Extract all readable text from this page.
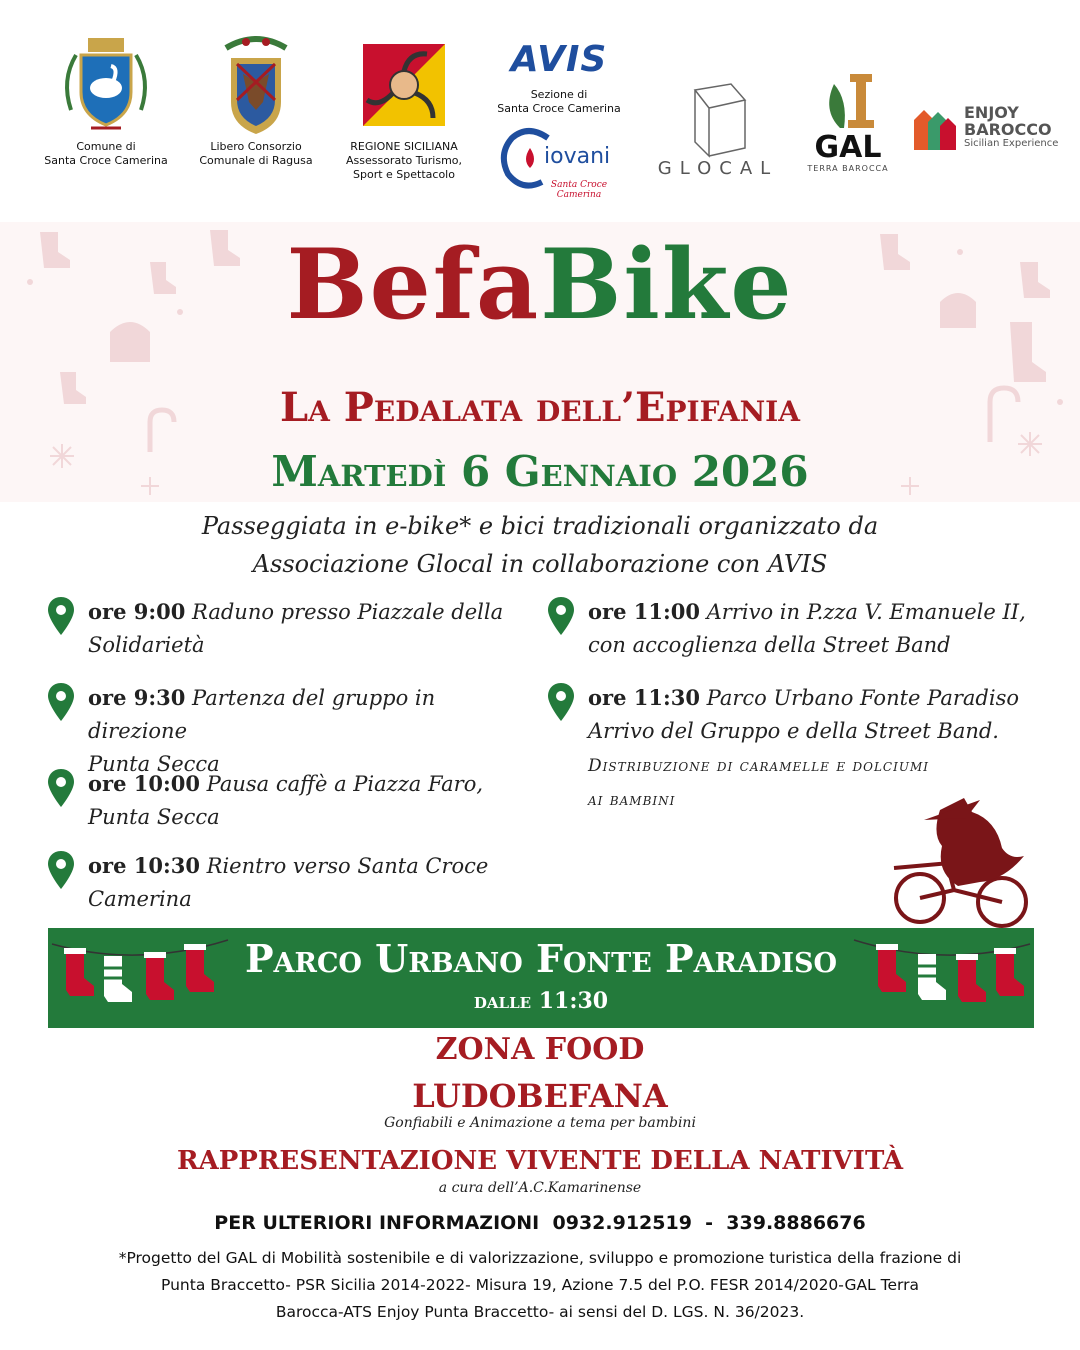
Comune di
Santa Croce Camerina
Libero Consorzio
Comunale di Ragusa
REGIONE SICILIANA
Assessorato Turismo,
Sport e Spettacolo
AVIS
Sezione di
Santa Croce Camerina
iovani
Santa Croce Camerina
GLOCAL
GAL
TERRA BAROCCA
ENJOY
BAROCCO
Sicilian Experience
BefaBike
La Pedalata dell’Epifania
Martedì 6 Gennaio 2026
Passeggiata in e-bike* e bici tradizionali organizzato da
Associazione Glocal in collaborazione con AVIS
ore 9:00 Raduno presso Piazzale della
Solidarietà
ore 9:30 Partenza del gruppo in direzione
Punta Secca
ore 10:00 Pausa caffè a Piazza Faro,
Punta Secca
ore 10:30 Rientro verso Santa Croce
Camerina
ore 11:00 Arrivo in P.zza V. Emanuele II,
con accoglienza della Street Band
ore 11:30 Parco Urbano Fonte Paradiso
Arrivo del Gruppo e della Street Band.
Distribuzione di caramelle e dolciumi
ai bambini
Parco Urbano Fonte Paradiso
dalle 11:30
ZONA FOOD
LUDOBEFANA
Gonfiabili e Animazione a tema per bambini
RAPPRESENTAZIONE VIVENTE DELLA NATIVITÀ
a cura dell’A.C.Kamarinense
PER ULTERIORI INFORMAZIONI 0932.912519 - 339.8886676
*Progetto del GAL di Mobilità sostenibile e di valorizzazione, sviluppo e promozione turistica della frazione di
Punta Braccetto- PSR Sicilia 2014-2022- Misura 19, Azione 7.5 del P.O. FESR 2014/2020-GAL Terra
Barocca-ATS Enjoy Punta Braccetto- ai sensi del D. LGS. N. 36/2023.
